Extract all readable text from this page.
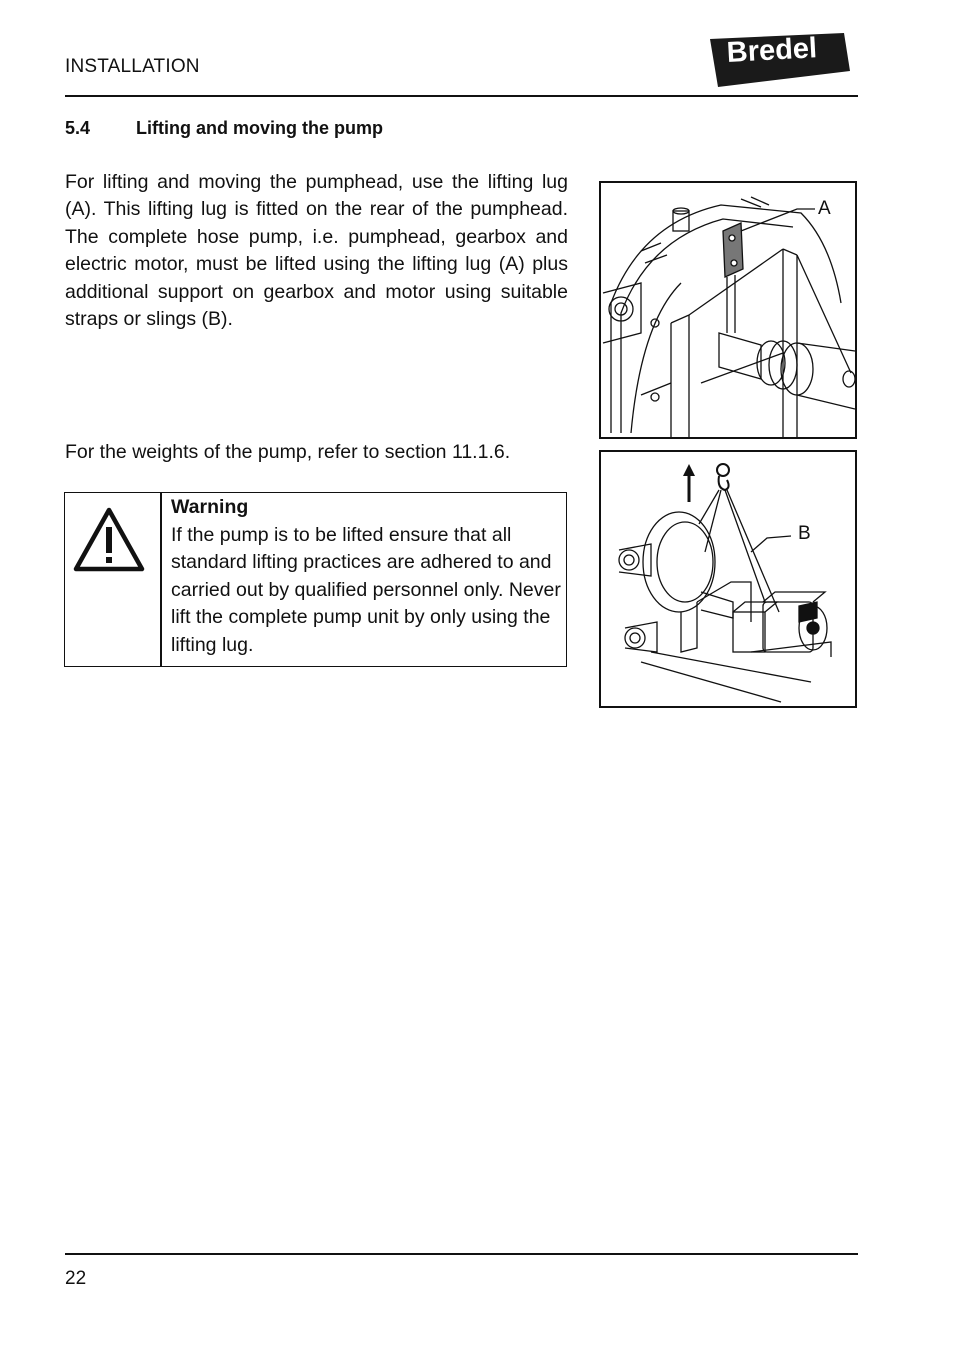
INSTALLATION	Bredel
5.4	Lifting and moving the pump
For lifting and moving the pumphead, use the lifting lug (A). This lifting lug is fitted on the rear of the pumphead. The complete hose pump, i.e. pumphead, gearbox and electric motor, must be lifted using the lifting lug (A) plus additional support on gearbox and motor using suitable straps or slings (B).
For the weights of the pump, refer to section 11.1.6.
Warning
If the pump is to be lifted ensure that all standard lifting practices are adhered to and carried out by qualified personnel only. Never lift the complete pump unit by only using the lifting lug.
A
B
22
